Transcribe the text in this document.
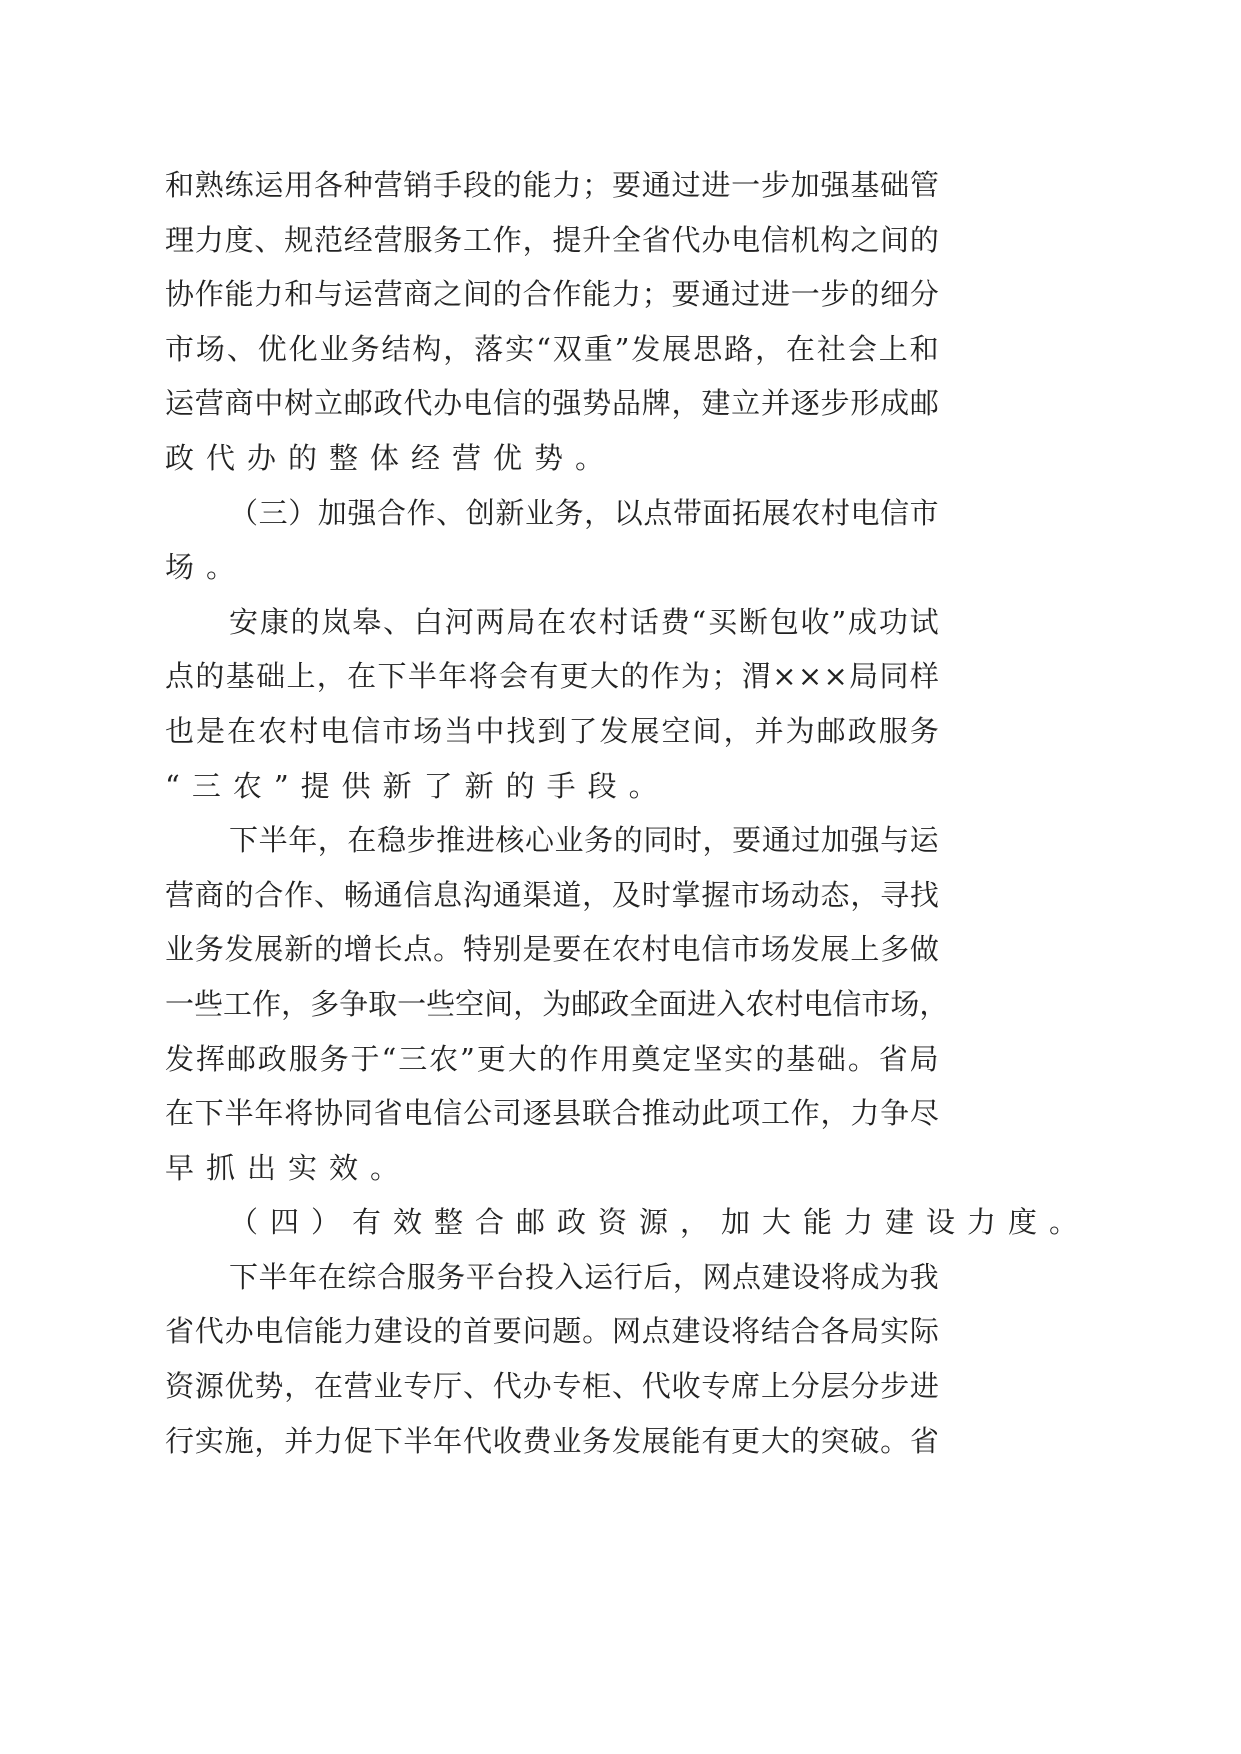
和 熟 练 运 用 各 种 营 销 手 段 的 能 力 ； 要 通 过 进 一 步 加 强 基 础 管
理 力 度 、 规 范 经 营 服 务 工 作 ， 提 升 全 省 代 办 电 信 机 构 之 间 的
协 作 能 力 和 与 运 营 商 之 间 的 合 作 能 力 ； 要 通 过 进 一 步 的 细 分
市 场 、 优 化 业 务 结 构 ， 落 实 “ 双 重 ” 发 展 思 路 ， 在 社 会 上 和
运 营 商 中 树 立 邮 政 代 办 电 信 的 强 势 品 牌 ， 建 立 并 逐 步 形 成 邮
政代办的整体经营优势。
（ 三 ） 加 强 合 作 、 创 新 业 务 ， 以 点 带 面 拓 展 农 村 电 信 市
场。
安 康 的 岚 皋 、 白 河 两 局 在 农 村 话 费 “ 买 断 包 收 ” 成 功 试
点 的 基 础 上 ， 在 下 半 年 将 会 有 更 大 的 作 为 ； 渭 × × × 局 同 样
也 是 在 农 村 电 信 市 场 当 中 找 到 了 发 展 空 间 ， 并 为 邮 政 服 务
“三农”提供新了新的手段。
下 半 年 ， 在 稳 步 推 进 核 心 业 务 的 同 时 ， 要 通 过 加 强 与 运
营 商 的 合 作 、 畅 通 信 息 沟 通 渠 道 ， 及 时 掌 握 市 场 动 态 ， 寻 找
业 务 发 展 新 的 增 长 点 。 特 别 是 要 在 农 村 电 信 市 场 发 展 上 多 做
一 些 工 作 ， 多 争 取 一 些 空 间 ， 为 邮 政 全 面 进 入 农 村 电 信 市 场 ，
发 挥 邮 政 服 务 于 “ 三 农 ” 更 大 的 作 用 奠 定 坚 实 的 基 础 。 省 局
在 下 半 年 将 协 同 省 电 信 公 司 逐 县 联 合 推 动 此 项 工 作 ， 力 争 尽
早抓出实效。
（四）有效整合邮政资源，加大能力建设力度。
下 半 年 在 综 合 服 务 平 台 投 入 运 行 后 ， 网 点 建 设 将 成 为 我
省 代 办 电 信 能 力 建 设 的 首 要 问 题 。 网 点 建 设 将 结 合 各 局 实 际
资 源 优 势 ， 在 营 业 专 厅 、 代 办 专 柜 、 代 收 专 席 上 分 层 分 步 进
行 实 施 ， 并 力 促 下 半 年 代 收 费 业 务 发 展 能 有 更 大 的 突 破 。 省
